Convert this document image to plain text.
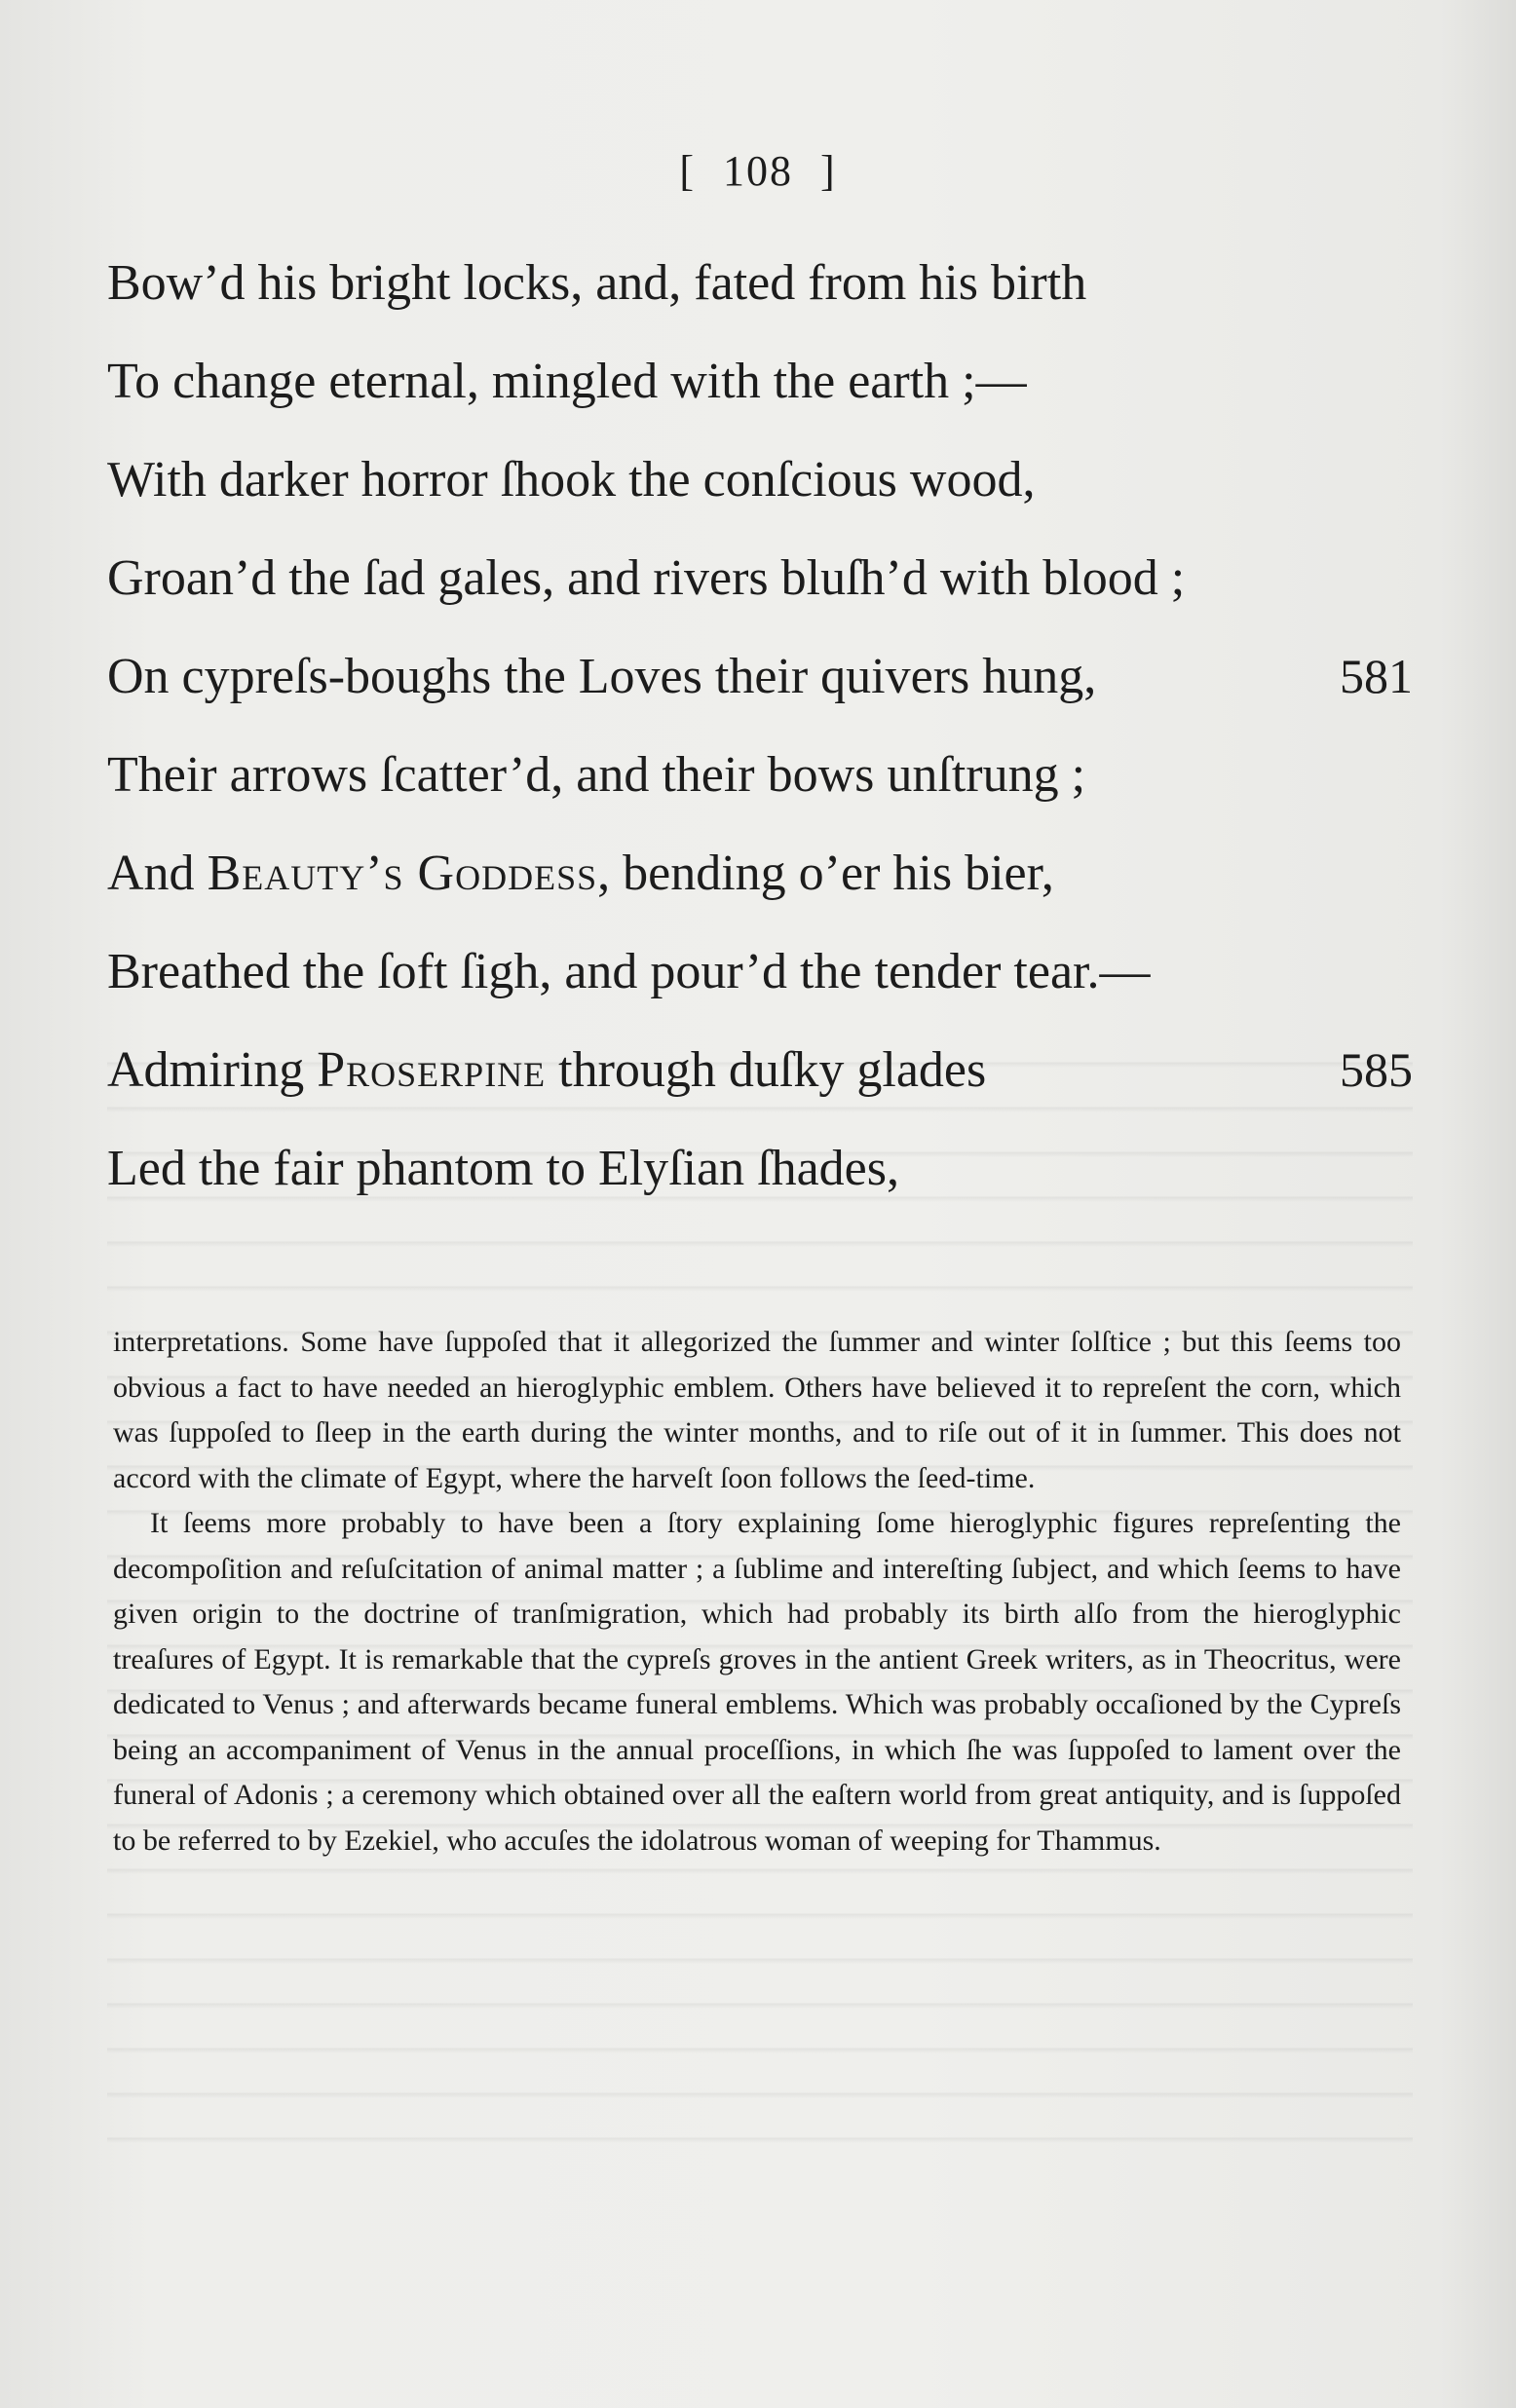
[ 108 ]
Bow’d his bright locks, and, fated from his birth
To change eternal, mingled with the earth ;—
With darker horror ſhook the conſcious wood,
Groan’d the ſad gales, and rivers bluſh’d with blood ;
On cypreſs-boughs the Loves their quivers hung,	581
Their arrows ſcatter’d, and their bows unſtrung ;
And Beauty’s Goddess, bending o’er his bier,
Breathed the ſoft ſigh, and pour’d the tender tear.—
Admiring Proserpine through duſky glades	585
Led the fair phantom to Elyſian ſhades,

interpretations. Some have ſuppoſed that it allegorized the ſummer and winter ſolſtice ; but this ſeems too obvious a fact to have needed an hieroglyphic emblem. Others have believed it to repreſent the corn, which was ſuppoſed to ſleep in the earth during the winter months, and to riſe out of it in ſummer. This does not accord with the climate of Egypt, where the harveſt ſoon follows the ſeed-time.

It ſeems more probably to have been a ſtory explaining ſome hieroglyphic figures repreſenting the decompoſition and reſuſcitation of animal matter ; a ſublime and intereſting ſubject, and which ſeems to have given origin to the doctrine of tranſmigration, which had probably its birth alſo from the hieroglyphic treaſures of Egypt. It is remarkable that the cypreſs groves in the antient Greek writers, as in Theocritus, were dedicated to Venus ; and afterwards became funeral emblems. Which was probably occaſioned by the Cypreſs being an accompaniment of Venus in the annual proceſſions, in which ſhe was ſuppoſed to lament over the funeral of Adonis ; a ceremony which obtained over all the eaſtern world from great antiquity, and is ſuppoſed to be referred to by Ezekiel, who accuſes the idolatrous woman of weeping for Thammus.
